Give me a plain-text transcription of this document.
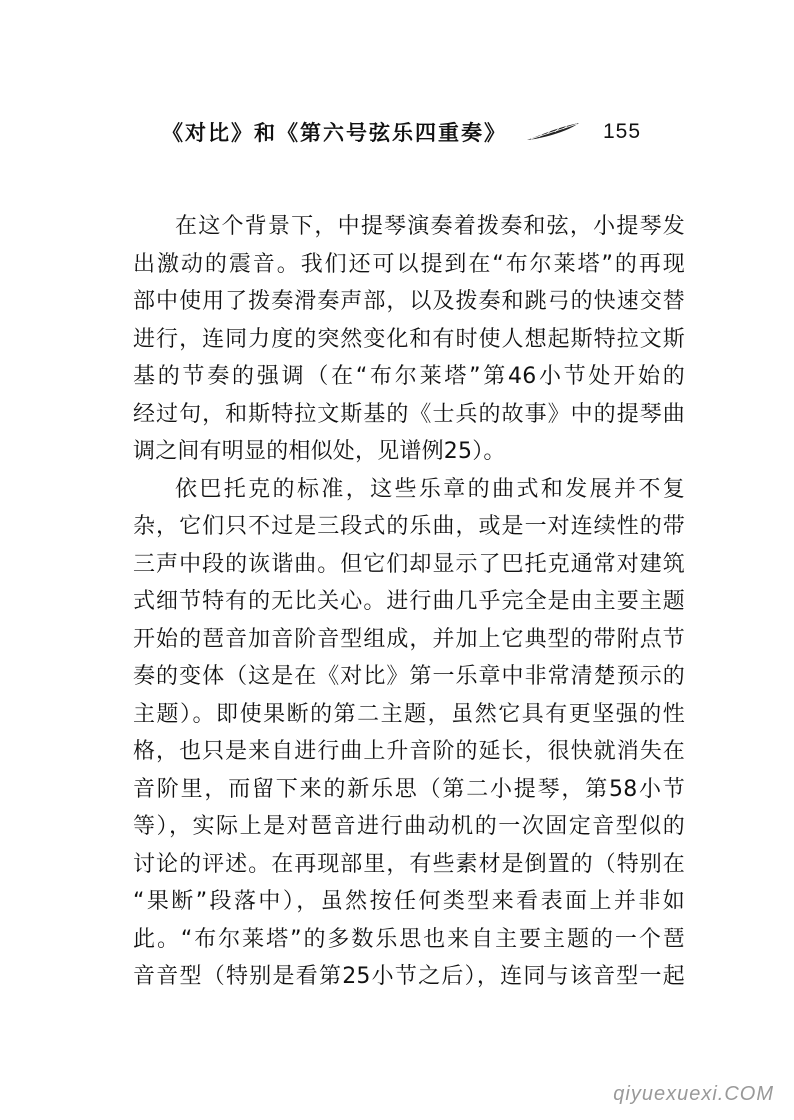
《对比》和《第六号弦乐四重奏》	155
在这个背景下，中提琴演奏着拨奏和弦，小提琴发
出激动的震音。我们还可以提到在“布尔莱塔”的再现
部中使用了拨奏滑奏声部，以及拨奏和跳弓的快速交替
进行，连同力度的突然变化和有时使人想起斯特拉文斯
基的节奏的强调（在“布尔莱塔”第46小节处开始的
经过句，和斯特拉文斯基的《士兵的故事》中的提琴曲
调之间有明显的相似处，见谱例25）。
依巴托克的标准，这些乐章的曲式和发展并不复
杂，它们只不过是三段式的乐曲，或是一对连续性的带
三声中段的诙谐曲。但它们却显示了巴托克通常对建筑
式细节特有的无比关心。进行曲几乎完全是由主要主题
开始的琶音加音阶音型组成，并加上它典型的带附点节
奏的变体（这是在《对比》第一乐章中非常清楚预示的
主题）。即使果断的第二主题，虽然它具有更坚强的性
格，也只是来自进行曲上升音阶的延长，很快就消失在
音阶里，而留下来的新乐思（第二小提琴，第58小节
等），实际上是对琶音进行曲动机的一次固定音型似的
讨论的评述。在再现部里，有些素材是倒置的（特别在
“果断”段落中），虽然按任何类型来看表面上并非如
此。“布尔莱塔”的多数乐思也来自主要主题的一个琶
音音型（特别是看第25小节之后），连同与该音型一起
qiyuexuexi.COM
